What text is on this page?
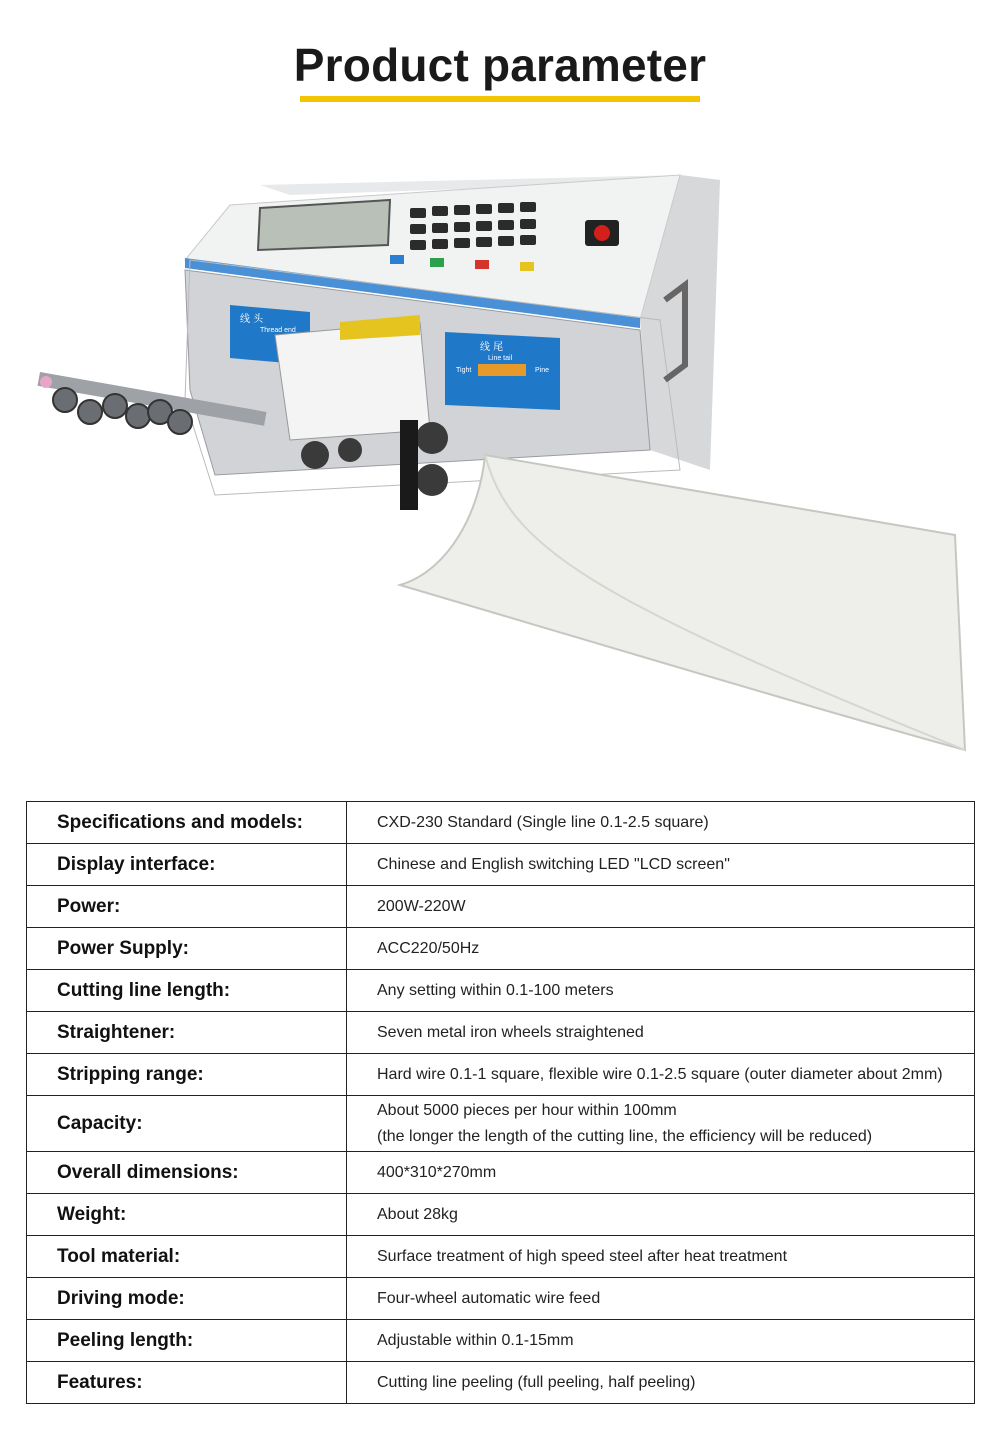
Product parameter
线 头
Thread end
线 尾
Line tail
Tight	Pine
Specifications and models:	CXD-230 Standard (Single line 0.1-2.5 square)

Display interface:	Chinese and English switching LED "LCD screen"

Power:	200W-220W

Power Supply:	ACC220/50Hz

Cutting line length:	Any setting within 0.1-100 meters

Straightener:	Seven metal iron wheels straightened

Stripping range:	Hard wire 0.1-1 square, flexible wire 0.1-2.5 square (outer diameter about 2mm)

Capacity:	About 5000 pieces per hour within 100mm
(the longer the length of the cutting line, the efficiency will be reduced)

Overall dimensions:	400*310*270mm

Weight:	About 28kg

Tool material:	Surface treatment of high speed steel after heat treatment

Driving mode:	Four-wheel automatic wire feed

Peeling length:	Adjustable within 0.1-15mm

Features:	Cutting line peeling (full peeling, half peeling)
